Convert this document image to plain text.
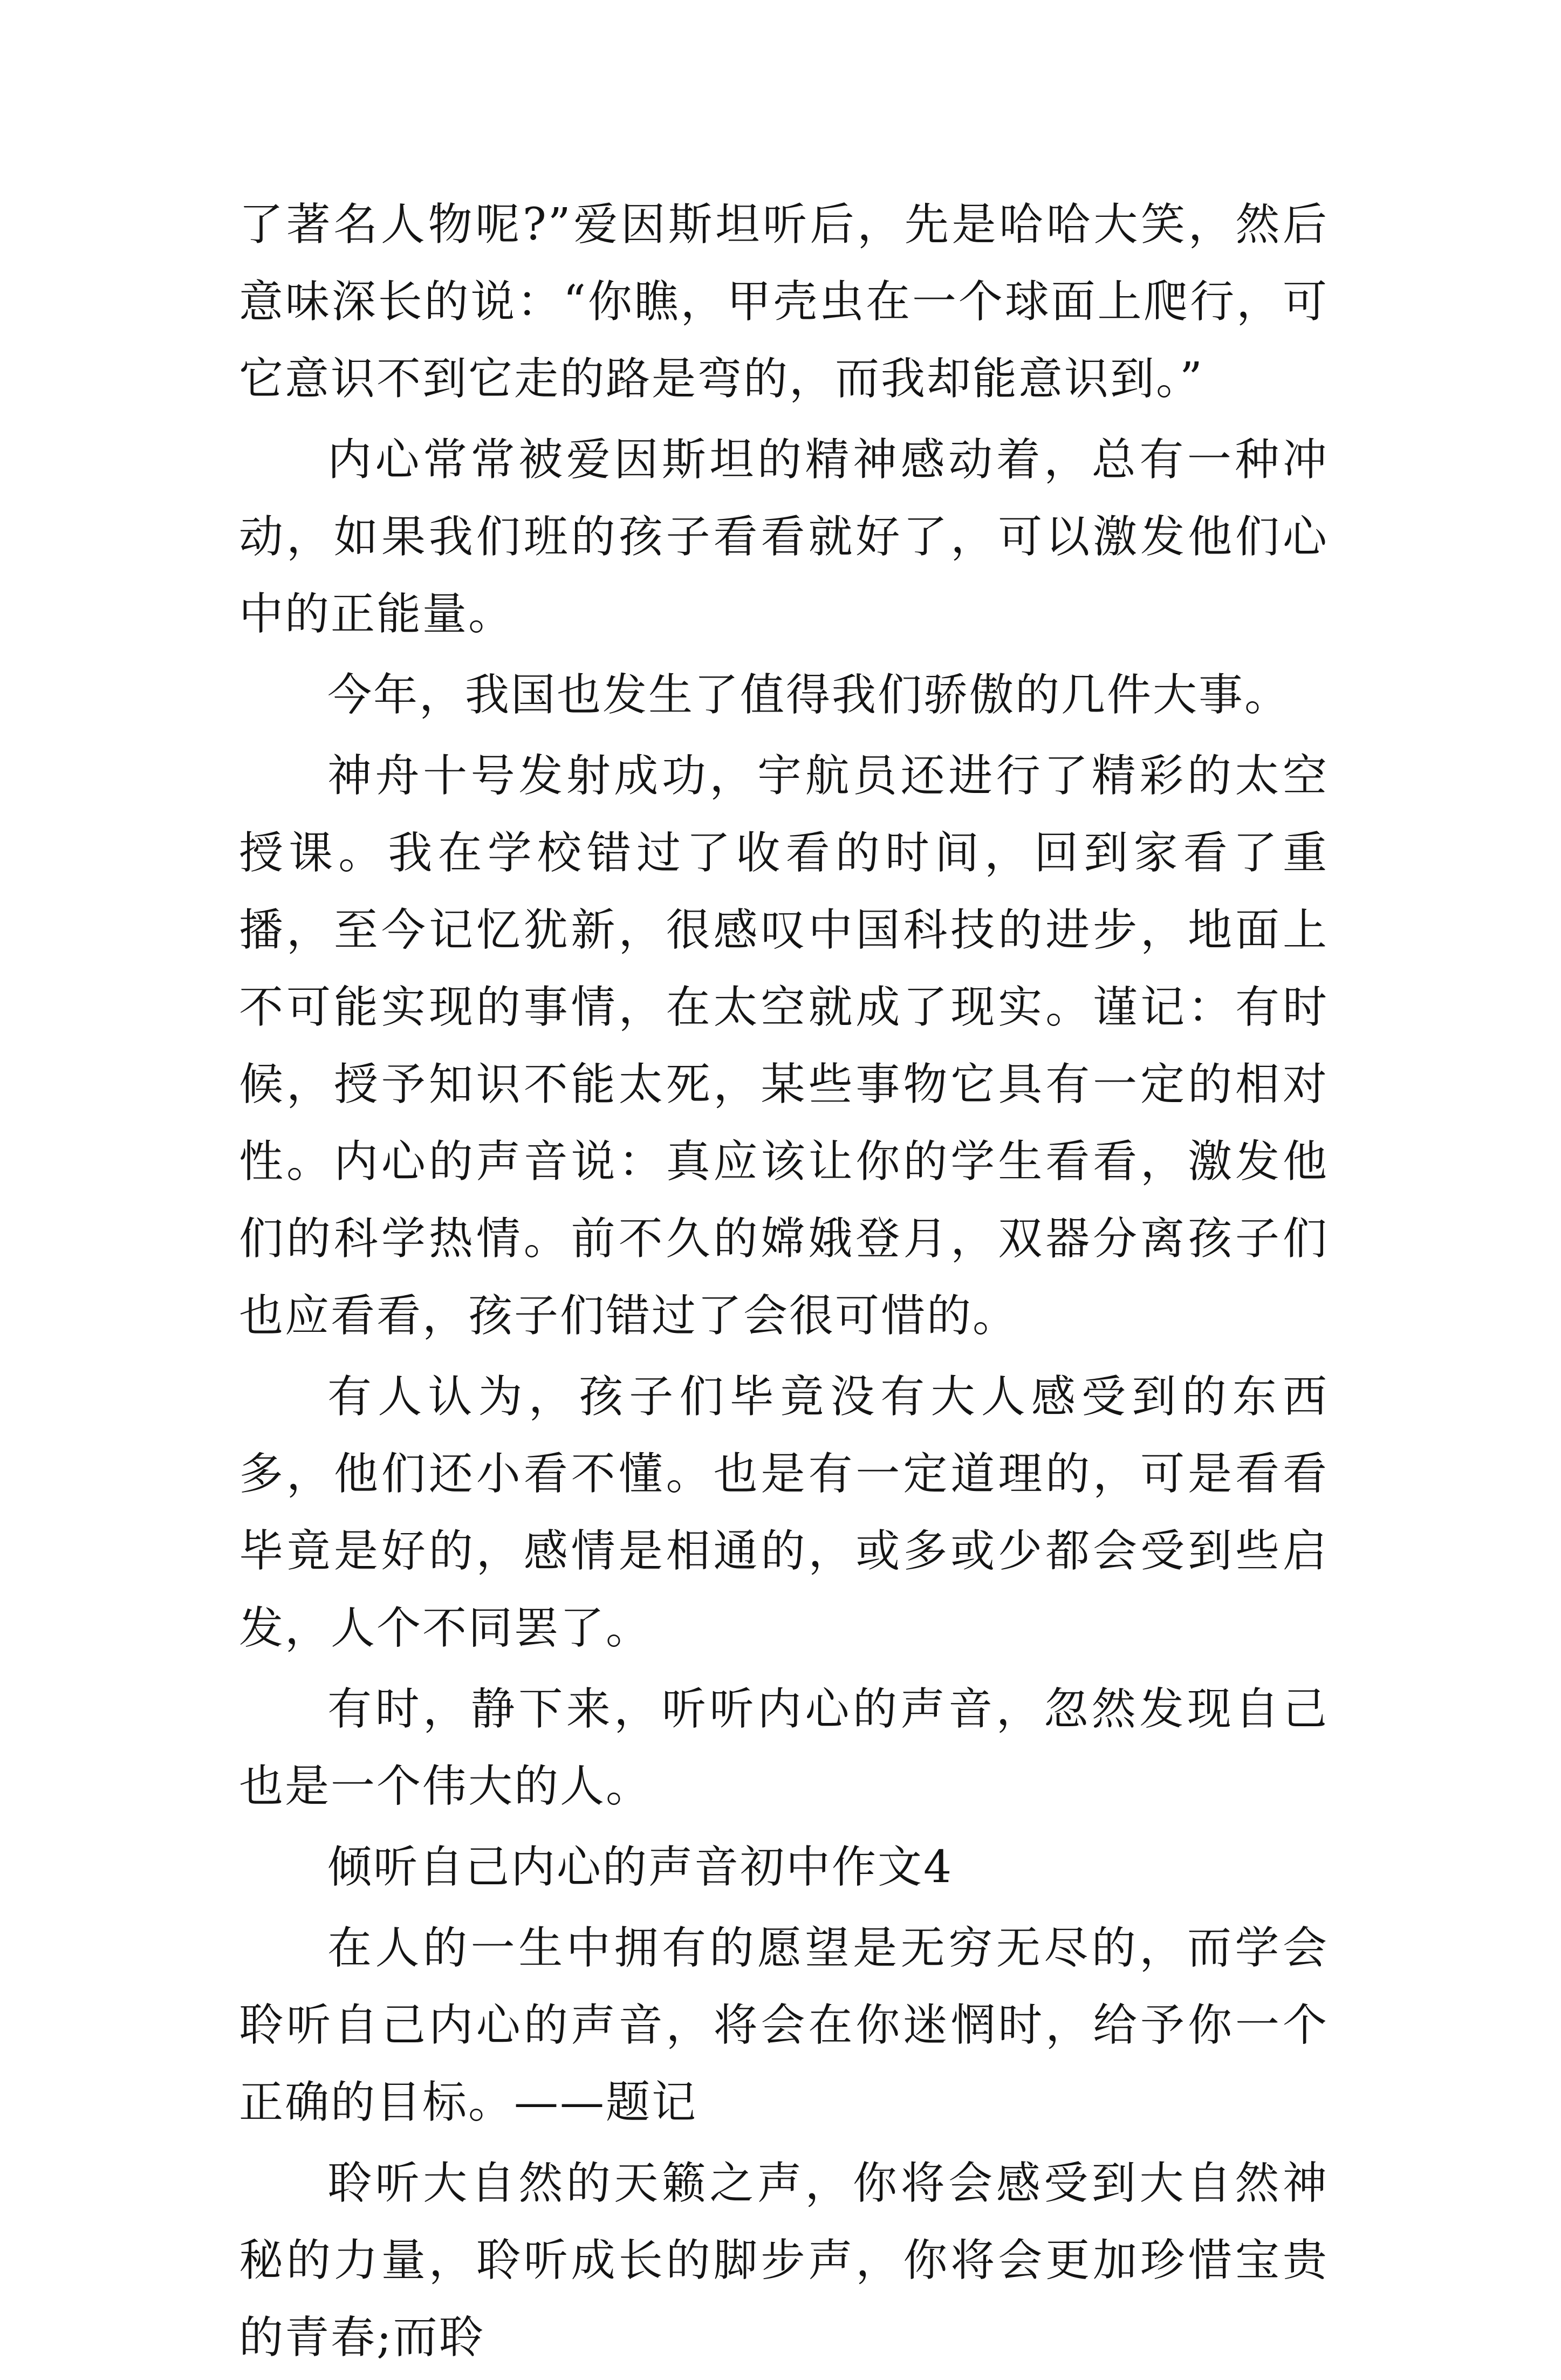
了著名人物呢?”爱因斯坦听后，先是哈哈大笑，然后意味深长的说：“你瞧，甲壳虫在一个球面上爬行，可它意识不到它走的路是弯的，而我却能意识到。”

内心常常被爱因斯坦的精神感动着，总有一种冲动，如果我们班的孩子看看就好了，可以激发他们心中的正能量。

今年，我国也发生了值得我们骄傲的几件大事。

神舟十号发射成功，宇航员还进行了精彩的太空授课。我在学校错过了收看的时间，回到家看了重播，至今记忆犹新，很感叹中国科技的进步，地面上不可能实现的事情，在太空就成了现实。谨记：有时候，授予知识不能太死，某些事物它具有一定的相对性。内心的声音说：真应该让你的学生看看，激发他们的科学热情。前不久的嫦娥登月，双器分离孩子们也应看看，孩子们错过了会很可惜的。

有人认为，孩子们毕竟没有大人感受到的东西多，他们还小看不懂。也是有一定道理的，可是看看毕竟是好的，感情是相通的，或多或少都会受到些启发，人个不同罢了。

有时，静下来，听听内心的声音，忽然发现自己也是一个伟大的人。

倾听自己内心的声音初中作文4

在人的一生中拥有的愿望是无穷无尽的，而学会聆听自己内心的声音，将会在你迷惘时，给予你一个正确的目标。——题记

聆听大自然的天籁之声，你将会感受到大自然神秘的力量，聆听成长的脚步声，你将会更加珍惜宝贵的青春;而聆
